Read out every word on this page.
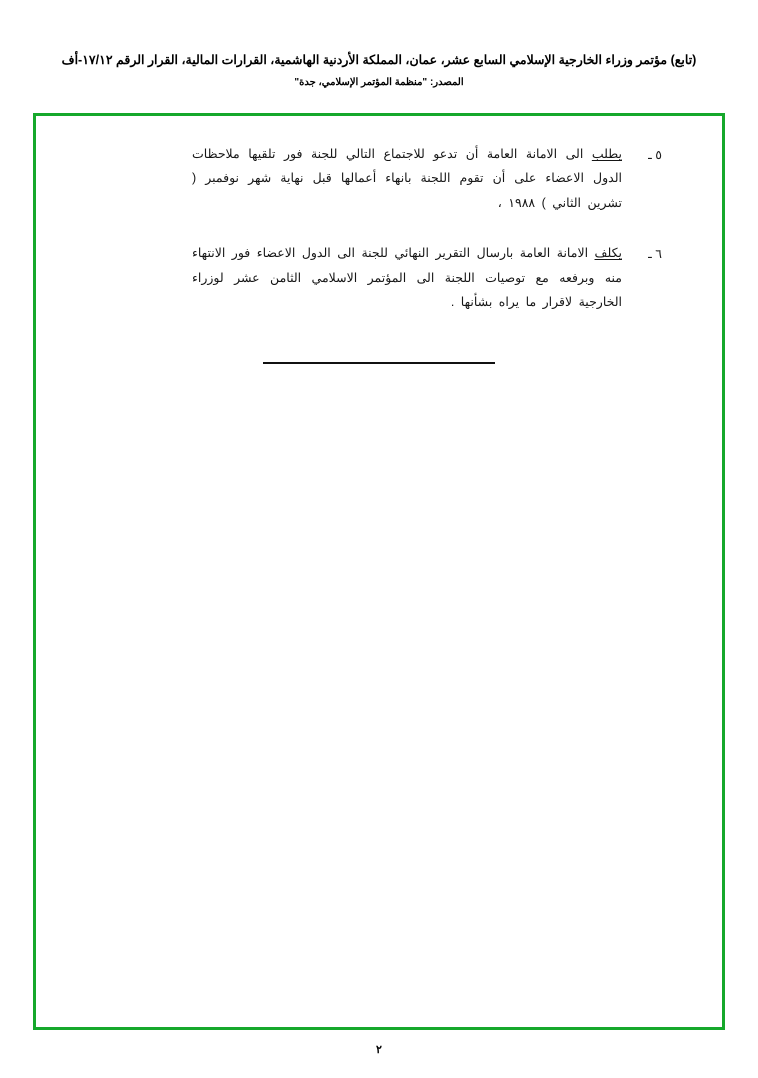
(تابع) مؤتمر وزراء الخارجية الإسلامي السابع عشر، عمان، المملكة الأردنية الهاشمية، القرارات المالية، القرار الرقم ١٧/١٢-أف
المصدر: "منظمة المؤتمر الإسلامي، جدة"
٥ ـ
يطلب الى الامانة العامة أن تدعو للاجتماع التالي للجنة فور تلقيها ملاحظات الدول الاعضاء على أن تقوم اللجنة بانهاء أعمالها قبل نهاية شهر نوفمبر ( تشرين الثاني ) ١٩٨٨ ،
٦ ـ
يكلف الامانة العامة بارسال التقرير النهائي للجنة الى الدول الاعضاء فور الانتهاء منه وبرفعه مع توصيات اللجنة الى المؤتمر الاسلامي الثامن عشر لوزراء الخارجية لاقرار ما يراه بشأنها .
٢
